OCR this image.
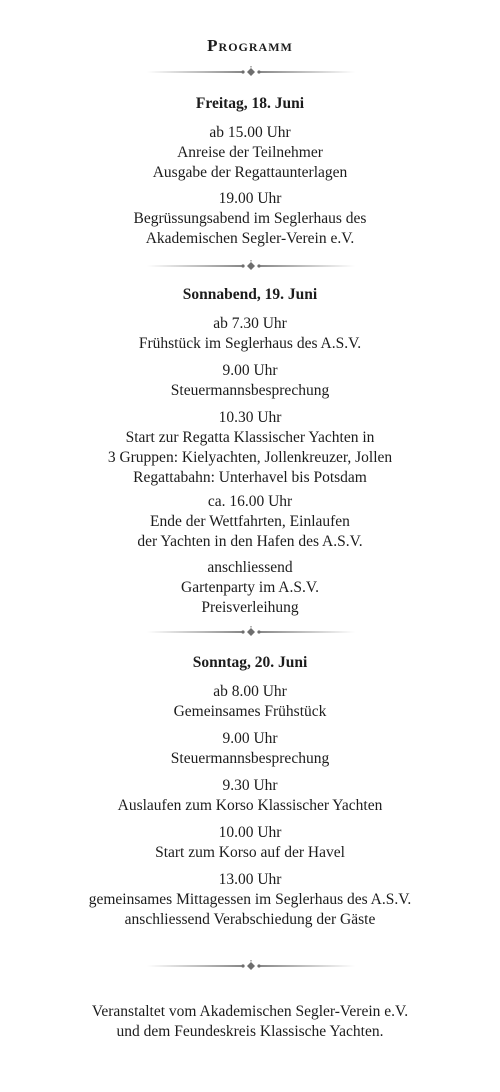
Programm
Freitag, 18. Juni
ab 15.00 Uhr
Anreise der Teilnehmer
Ausgabe der Regattaunterlagen
19.00 Uhr
Begrüssungsabend im Seglerhaus des
Akademischen Segler-Verein e.V.
Sonnabend, 19. Juni
ab 7.30 Uhr
Frühstück im Seglerhaus des A.S.V.
9.00 Uhr
Steuermannsbesprechung
10.30 Uhr
Start zur Regatta Klassischer Yachten in
3 Gruppen: Kielyachten, Jollenkreuzer, Jollen
Regattabahn: Unterhavel bis Potsdam
ca. 16.00 Uhr
Ende der Wettfahrten, Einlaufen
der Yachten in den Hafen des A.S.V.
anschliessend
Gartenparty im A.S.V.
Preisverleihung
Sonntag, 20. Juni
ab 8.00 Uhr
Gemeinsames Frühstück
9.00 Uhr
Steuermannsbesprechung
9.30 Uhr
Auslaufen zum Korso Klassischer Yachten
10.00 Uhr
Start zum Korso auf der Havel
13.00 Uhr
gemeinsames Mittagessen im Seglerhaus des A.S.V.
anschliessend Verabschiedung der Gäste
Veranstaltet vom Akademischen Segler-Verein e.V.
und dem Feundeskreis Klassische Yachten.
